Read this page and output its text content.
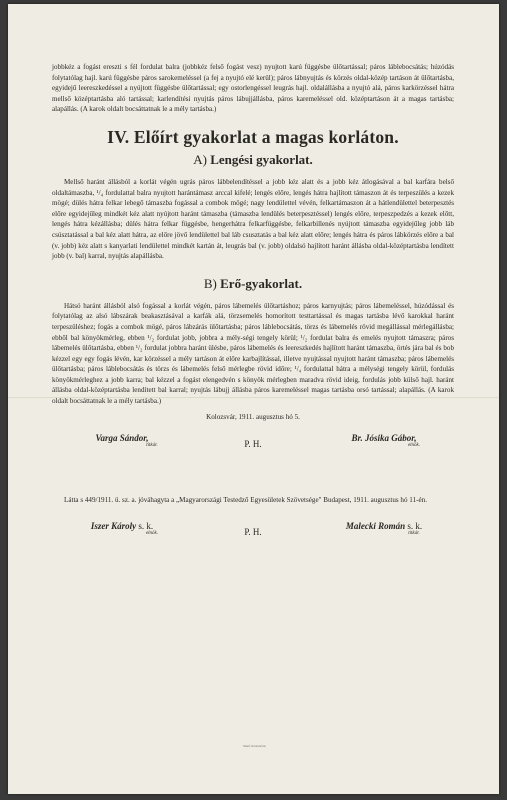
jobbkéz a fogást ereszti s fél fordulat balra (jobbkéz felső fogást vesz) nyujtott karú függésbe ülőtartással; páros láblebocsátás; húzódás folytatólag hajl. karú függésbe páros sarokemeléssel (a fej a nyujtó elé kerül); páros lábnyujtás és körzés oldal-közép tartáson át ülőtartásba, egyidejű leereszkedéssel a nyújtott függésbe ülőtartással; egy ostorlengéssel leugrás hajl. oldalállásba a nyujtó alá, páros karkörzéssel hátra mellső középtartásba aló tartással; karlendítési nyujtás páros lábujjállásba, páros karemeléssel old. középtartáson át a magas tartásba; alapállás. (A karok oldalt bocsáttatnak le a mély tartásba.)

IV. Előírt gyakorlat a magas korláton.
A) Lengési gyakorlat.

Mellső haránt állásból a korlát végén ugrás páros lábbelendítéssel a jobb kéz alatt és a jobb kéz átlogásával a bal karfára belső oldaltámaszba, ¹/₄ fordulattal balra nyujtott harántámasz arccal kifelé; lengés előre, lengés hátra hajlított támaszon át és terpeszülés a kezek mögé; dülés hátra felkar lebegő támaszba fogással a combok mögé; nagy lendülettel vévén, felkartámaszon át a hátlendülettel beterpesztés előre egyidejűleg mindkét kéz alatt nyújtott haránt támaszba (támaszba lendülés beterpesztéssel) lengés előre, terpeszpedzés a kezek előtt, lengés hátra kézállásba; dülés hátra felkar függésbe, hengerhátra felkarfüggésbe, felkarbillenés nyújtott támaszba egyidejűleg jobb láb csúsztatással a bal kéz alatt hátra, az előre jövő lendülettel bal láb csusztatás a bal kéz alatt előre; lengés hátra és páros lábkörzés előre a bal (v. jobb) kéz alatt s kanyarlati lendülettel mindkét kartán át, leugrás bal (v. jobb) oldalsó hajlított haránt állásba oldal-középtartásba lendített jobb (v. bal) karral, nyujtás alapállásba.

B) Erő-gyakorlat.

Hátsó haránt állásból alsó fogással a korlát végén, páros lábemelés ülőtartáshoz; páros karnyujtás; páros lábemeléssel, húzódással és folytatólag az alsó lábszárak beakasztásával a karfák alá, törzsemelés homorított testtartással és magas tartásba lévő karokkal haránt terpeszüléshez; fogás a combok mögé, páros lábzárás ülőtartásba; páros láblebocsátás, törzs és lábemelés rövid megállással mérlegállásba; ebből bal könyökmérleg, ebben ¹/₂ fordulat jobb, jobbra a mély-ségi tengely körül; ¹/₂ fordulat balra és emelés nyujtott támaszra; páros lábemelés ülőtartásba, ebben ¹/₂ fordulat jobbra haránt ülésbe, páros lábemelés és leereszkedés hajlított haránt támaszba, örtés jára bal és bob kézzel egy egy fogás lévén, kar körzéssel a mély tartáson át előre karbajlítással, illetve nyujtással nyujtott haránt támaszba; páros lábemelés ülőtartásba; páros láblebocsátás és törzs és lábemelés felső mérlegbe rövid időre; ¹/₄ fordulattal hátra a mélységi tengely körül, fordulás könyökmérleghez a jobb karra; bal kézzel a fogást elengedvén s könyök mérlegben maradva rövid ideig, fordulás jobb külső hajl. haránt állásba oldal-középtartásba lendített bal karral; nyujtás lábujj állásba páros karemeléssel magas tartásba orsó tartással; alapállás. (A karok oldalt bocsáttatnak le a mély tartásba.)

Kolozsvár, 1911. augusztus hó 5.

Varga Sándor,
titkár.	P. H.
Br. Jósika Gábor,
elnök.

Látta s 449/1911. ü. sz. a. jóváhagyta a „Magyarországi Testedző Egyesületek Szövetsége" Budapest, 1911. augusztus hó 11-én.

Iszer Károly s. k.
elnök.	P. H.
Malecki Román s. k.
titkár.
Stief, Kolozsvár
